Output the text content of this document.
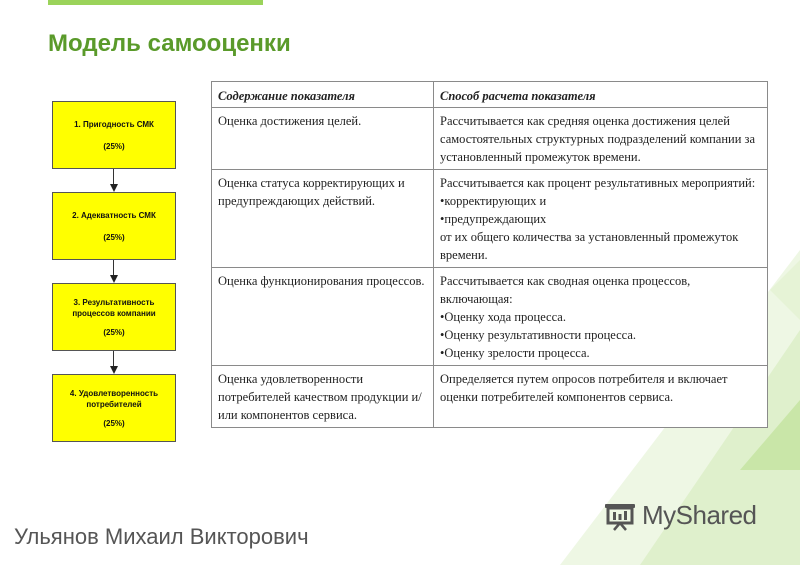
Модель самооценки
1. Пригодность СМК
(25%)
2. Адекватность СМК
(25%)
3. Результативность
процессов компании
(25%)
4. Удовлетворенность
потребителей
(25%)
Содержание показателя	Способ расчета показателя
Оценка достижения целей.	Рассчитывается как средняя оценка достижения целей самостоятельных структурных подразделений компании за установленный промежуток времени.

Оценка статуса корректирующих и предупреждающих действий.	Рассчитывается как процент результативных мероприятий:
• корректирующих и
• предупреждающих
от их общего количества за установленный промежуток времени.

Оценка функционирования процессов.	Рассчитывается как сводная оценка процессов, включающая:
• Оценку хода процесса.
• Оценку результативности процесса.
• Оценку зрелости процесса.

Оценка удовлетворенности потребителей качеством продукции и/или компонентов сервиса.	Определяется путем опросов потребителя и включает оценки потребителей компонентов сервиса.
Ульянов Михаил Викторович
MyShared
